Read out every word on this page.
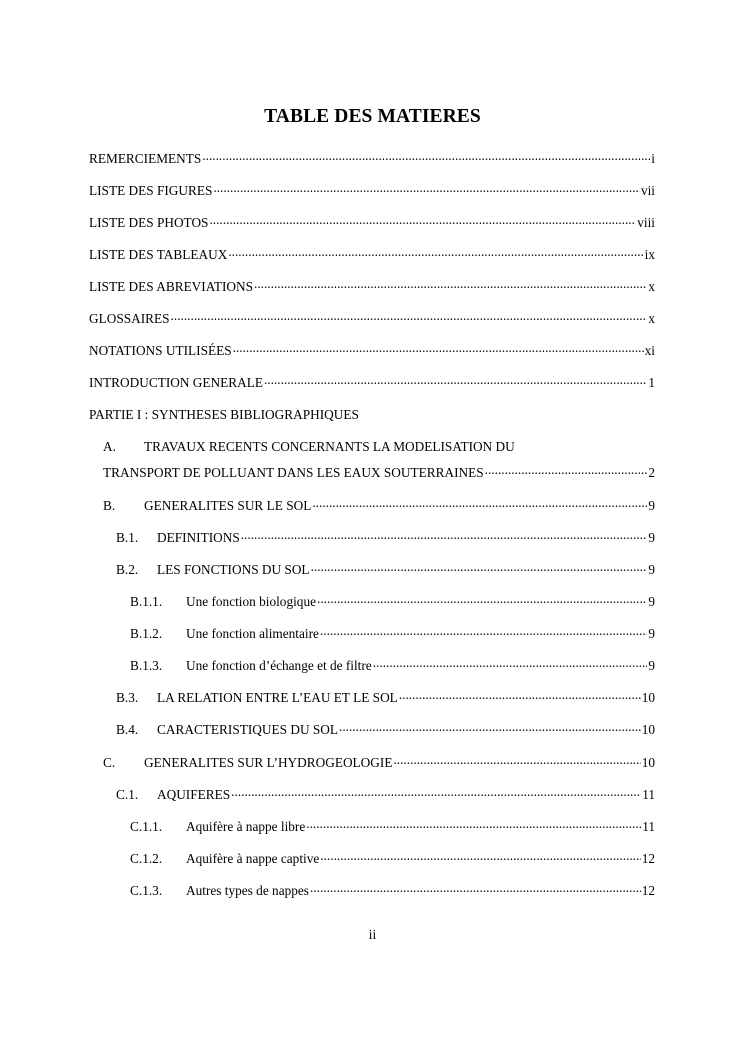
TABLE DES MATIERES
REMERCIEMENTS .....	i
LISTE DES FIGURES .....	vii
LISTE DES PHOTOS .....	viii
LISTE DES TABLEAUX .....	ix
LISTE DES ABREVIATIONS .....	x
GLOSSAIRES .....	x
NOTATIONS UTILISÉES .....	xi
INTRODUCTION GENERALE .....	1
PARTIE I : SYNTHESES BIBLIOGRAPHIQUES
A. TRAVAUX RECENTS CONCERNANTS LA MODELISATION DU
TRANSPORT DE POLLUANT DANS LES EAUX SOUTERRAINES .....	2
B.	GENERALITES SUR LE SOL .....	9
B.1.	DEFINITIONS .....	9
B.2.	LES FONCTIONS DU SOL .....	9
B.1.1.	Une fonction biologique .....	9
B.1.2.	Une fonction alimentaire .....	9
B.1.3.	Une fonction d’échange et de filtre .....	9
B.3.	LA RELATION ENTRE L’EAU ET LE SOL .....	10
B.4.	CARACTERISTIQUES DU SOL .....	10
C.	GENERALITES SUR L’HYDROGEOLOGIE .....	10
C.1.	AQUIFERES .....	11
C.1.1.	Aquifère à nappe libre .....	11
C.1.2.	Aquifère à nappe captive .....	12
C.1.3.	Autres types de nappes .....	12
ii
